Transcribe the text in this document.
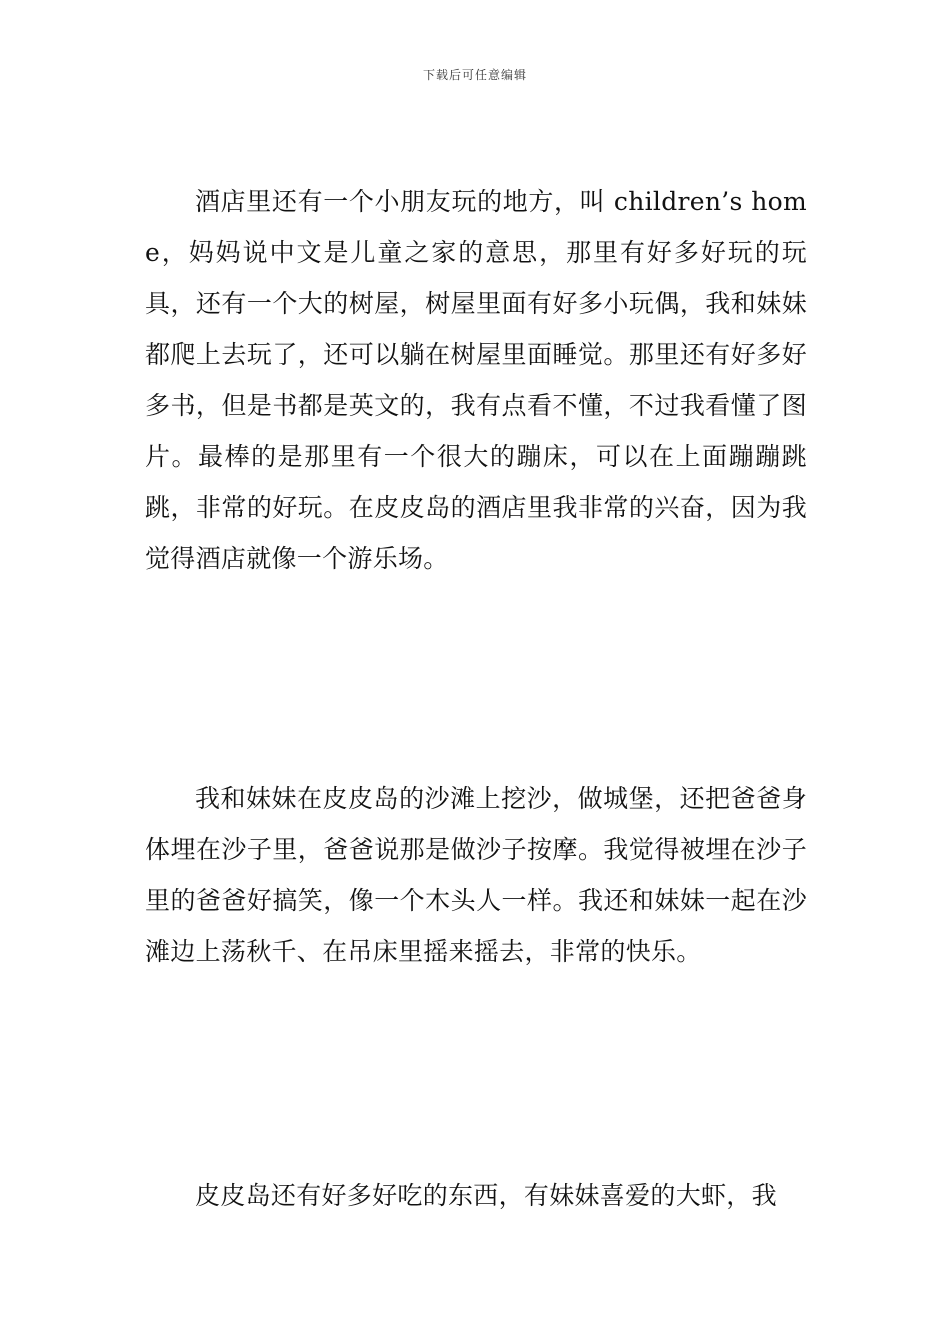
下载后可任意编辑

酒店里还有一个小朋友玩的地方，叫 children’s home，妈妈说中文是儿童之家的意思，那里有好多好玩的玩具，还有一个大的树屋，树屋里面有好多小玩偶，我和妹妹都爬上去玩了，还可以躺在树屋里面睡觉。那里还有好多好多书，但是书都是英文的，我有点看不懂，不过我看懂了图片。最棒的是那里有一个很大的蹦床，可以在上面蹦蹦跳跳，非常的好玩。在皮皮岛的酒店里我非常的兴奋，因为我觉得酒店就像一个游乐场。

我和妹妹在皮皮岛的沙滩上挖沙，做城堡，还把爸爸身体埋在沙子里，爸爸说那是做沙子按摩。我觉得被埋在沙子里的爸爸好搞笑，像一个木头人一样。我还和妹妹一起在沙滩边上荡秋千、在吊床里摇来摇去，非常的快乐。

皮皮岛还有好多好吃的东西，有妹妹喜爱的大虾，我
